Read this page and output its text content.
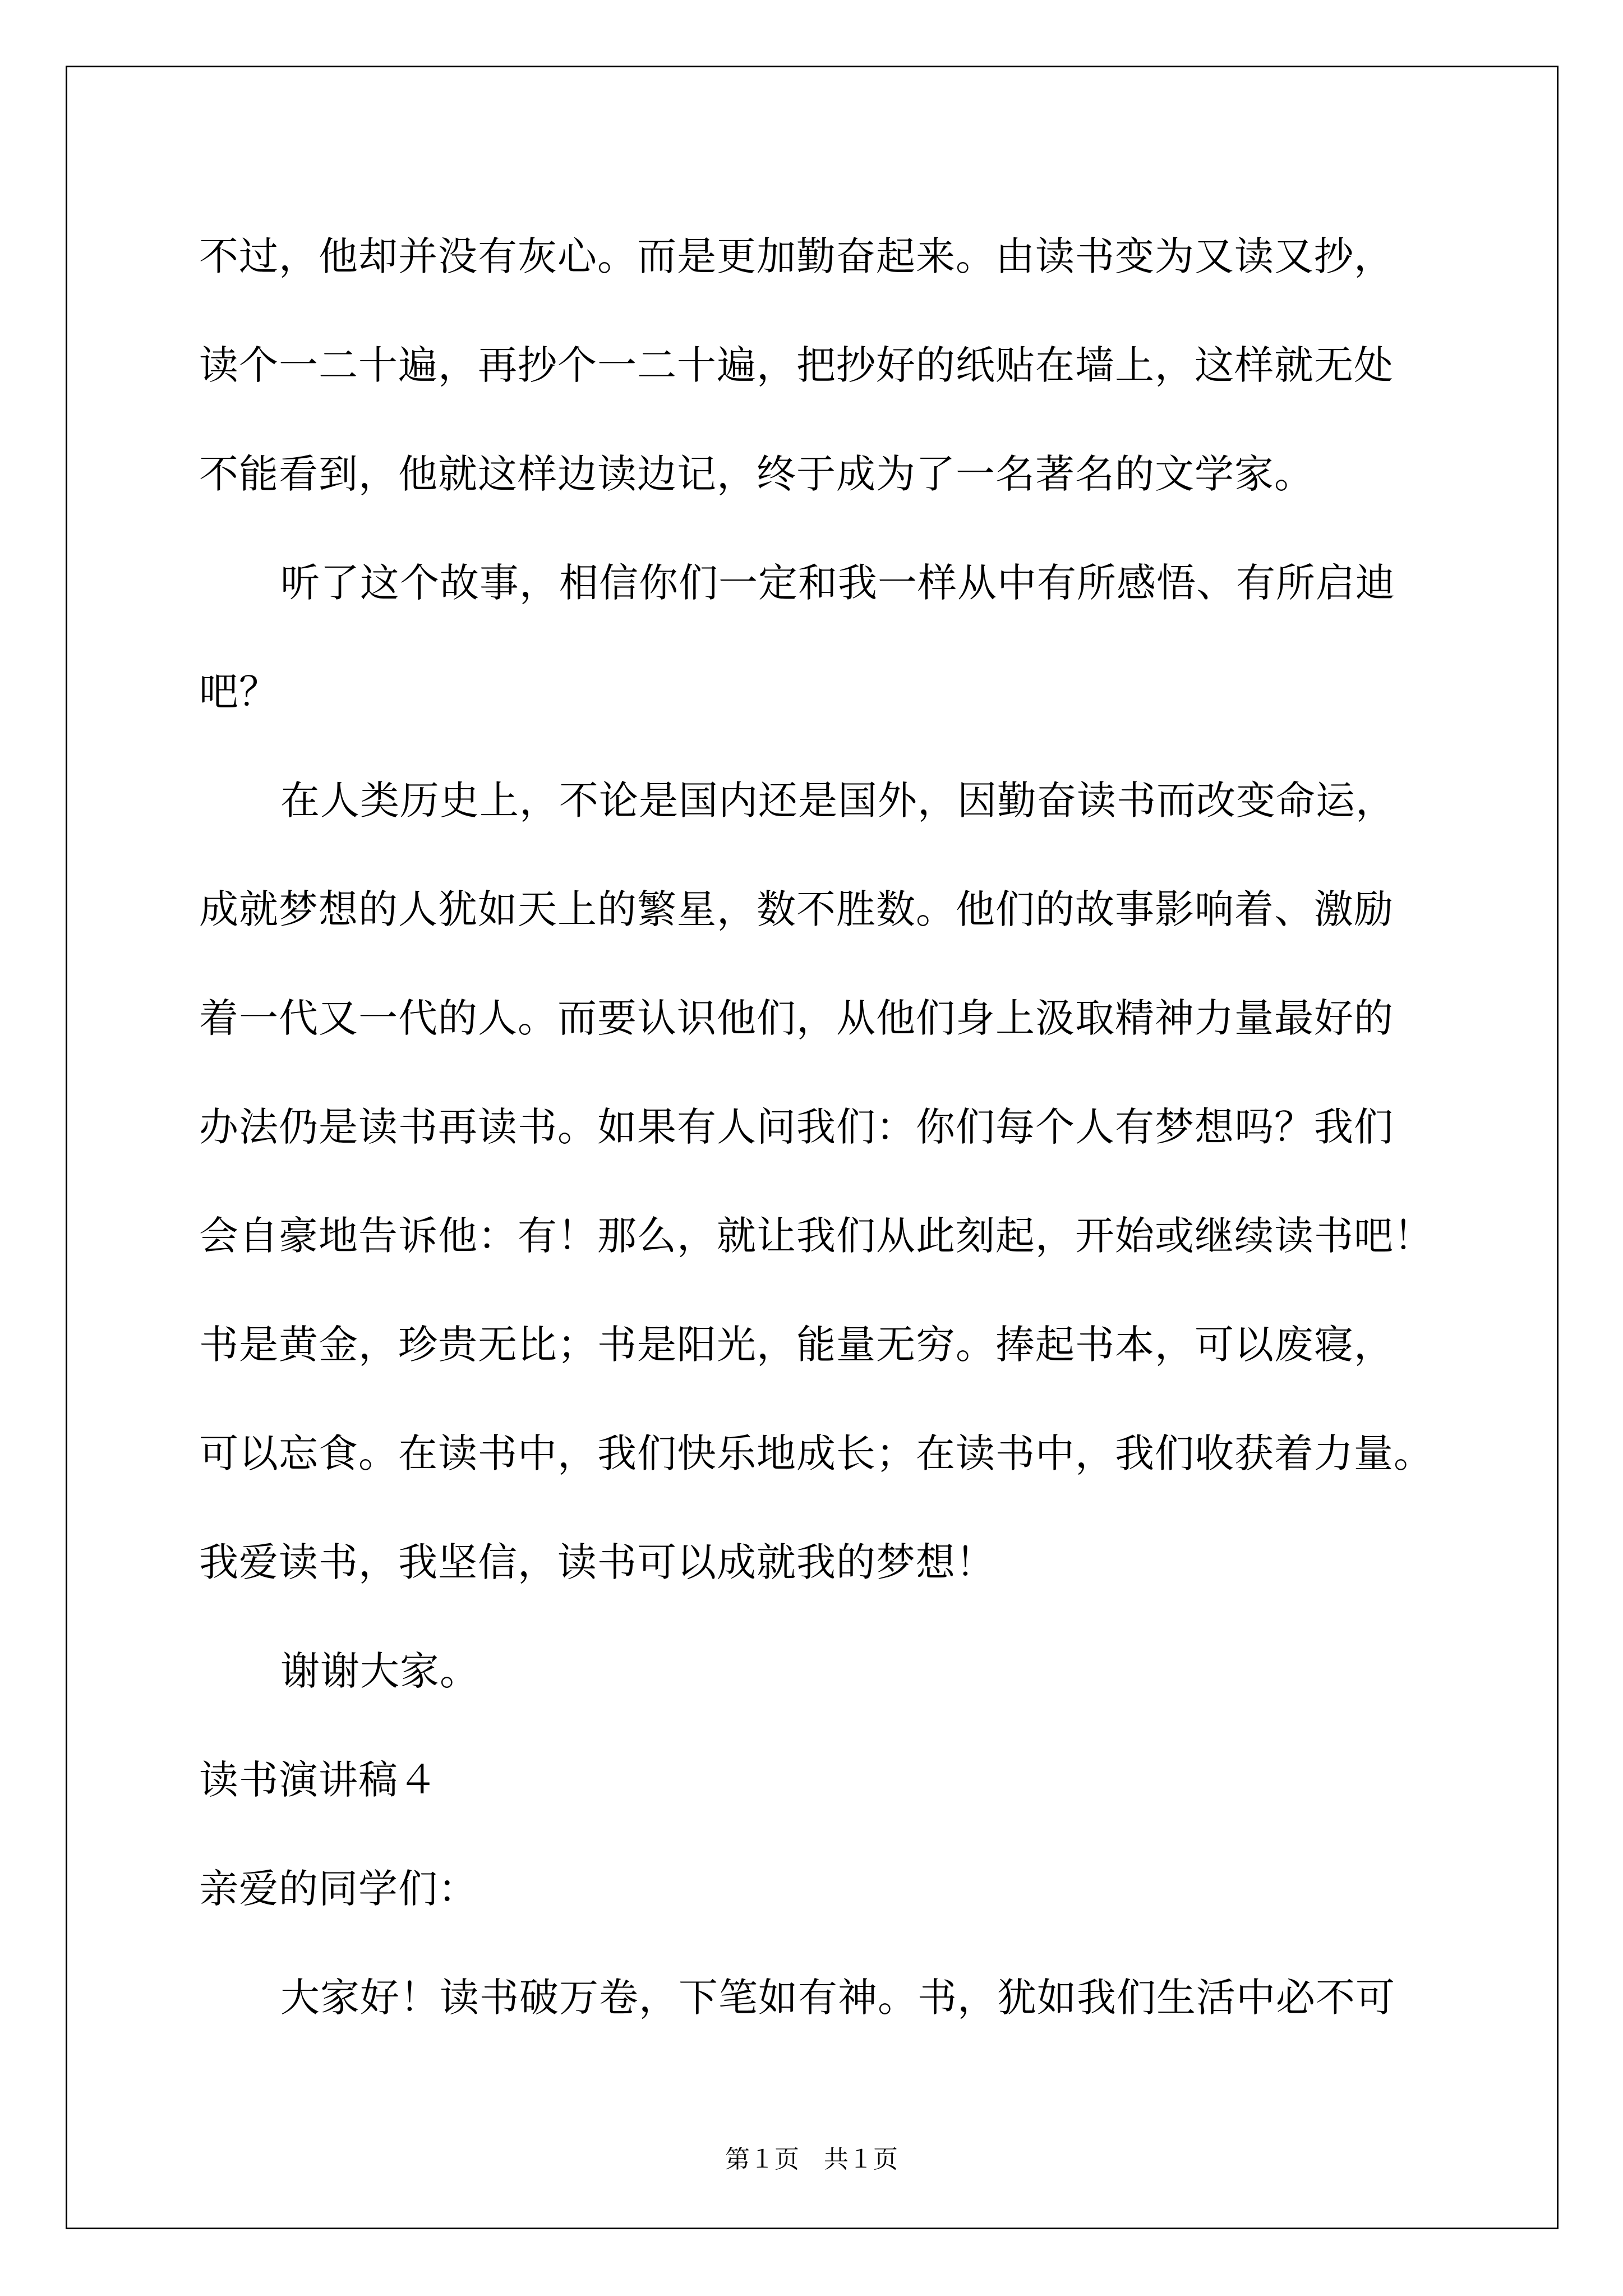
不过，他却并没有灰心。而是更加勤奋起来。由读书变为又读又抄，
读个一二十遍，再抄个一二十遍，把抄好的纸贴在墙上，这样就无处
不能看到，他就这样边读边记，终于成为了一名著名的文学家。
听了这个故事，相信你们一定和我一样从中有所感悟、有所启迪
吧？
在人类历史上，不论是国内还是国外，因勤奋读书而改变命运，
成就梦想的人犹如天上的繁星，数不胜数。他们的故事影响着、激励
着一代又一代的人。而要认识他们，从他们身上汲取精神力量最好的
办法仍是读书再读书。如果有人问我们：你们每个人有梦想吗？我们
会自豪地告诉他：有！那么，就让我们从此刻起，开始或继续读书吧！
书是黄金，珍贵无比；书是阳光，能量无穷。捧起书本，可以废寝，
可以忘食。在读书中，我们快乐地成长；在读书中，我们收获着力量。
我爱读书，我坚信，读书可以成就我的梦想！
谢谢大家。
读书演讲稿４
亲爱的同学们：
大家好！读书破万卷，下笔如有神。书，犹如我们生活中必不可
第１页　共１页
